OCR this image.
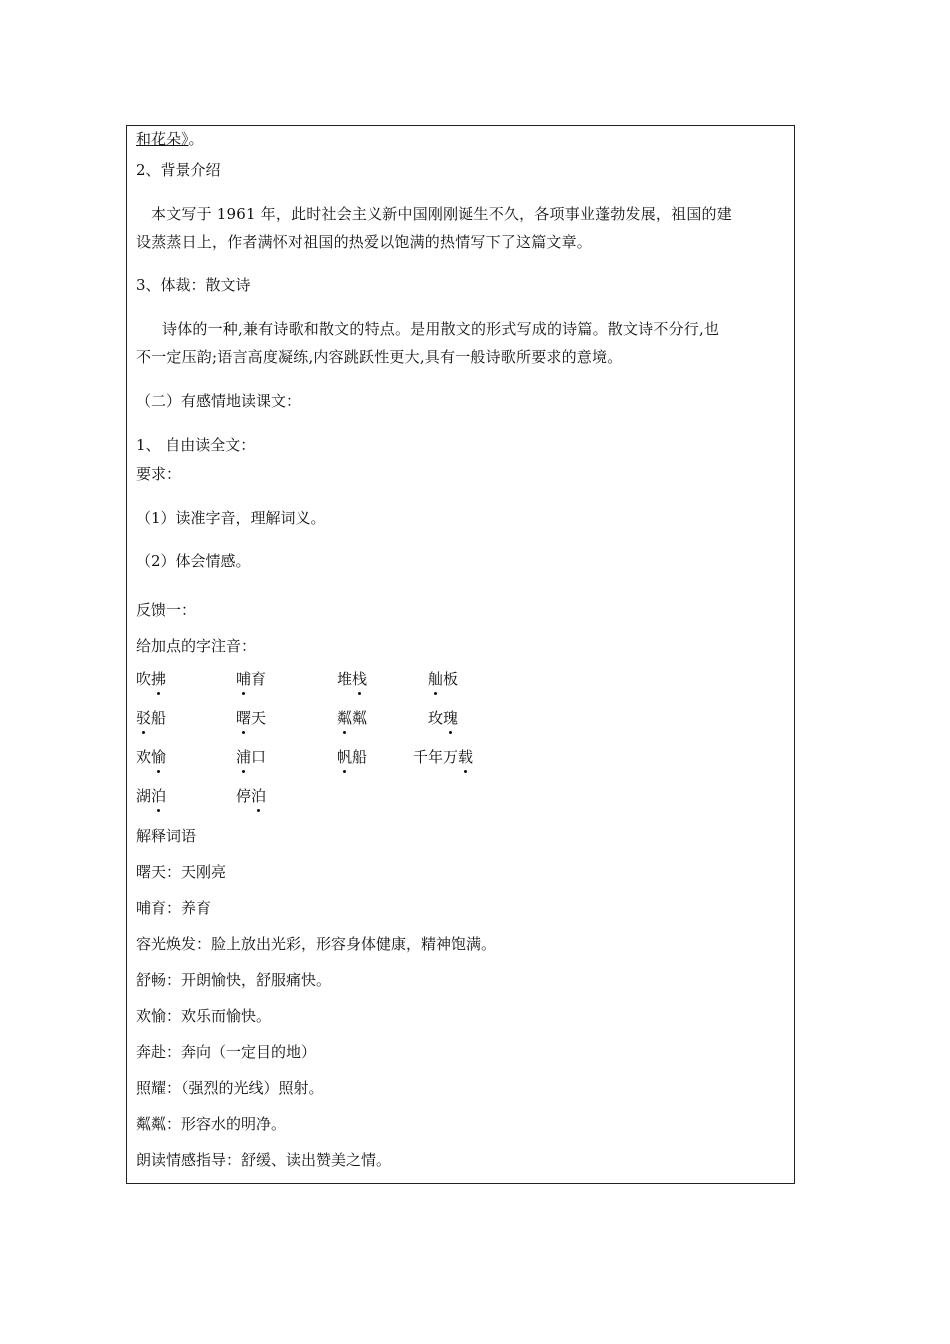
和花朵》。
2、背景介绍
本文写于 1961 年，此时社会主义新中国刚刚诞生不久，各项事业蓬勃发展，祖国的建
设蒸蒸日上，作者满怀对祖国的热爱以饱满的热情写下了这篇文章。
3、体裁：散文诗
诗体的一种,兼有诗歌和散文的特点。是用散文的形式写成的诗篇。散文诗不分行,也
不一定压韵;语言高度凝练,内容跳跃性更大,具有一般诗歌所要求的意境。
（二）有感情地读课文：
1、 自由读全文：
要求：
（1）读准字音，理解词义。
（2）体会情感。
反馈一：
给加点的字注音：
吹拂	哺育	堆栈	舢板
驳船	曙天	粼粼	玫瑰
欢愉	浦口	帆船	千年万载
湖泊	停泊
解释词语
曙天：天刚亮
哺育：养育
容光焕发：脸上放出光彩，形容身体健康，精神饱满。
舒畅：开朗愉快，舒服痛快。
欢愉：欢乐而愉快。
奔赴：奔向（一定目的地）
照耀：（强烈的光线）照射。
粼粼：形容水的明净。
朗读情感指导：舒缓、读出赞美之情。
